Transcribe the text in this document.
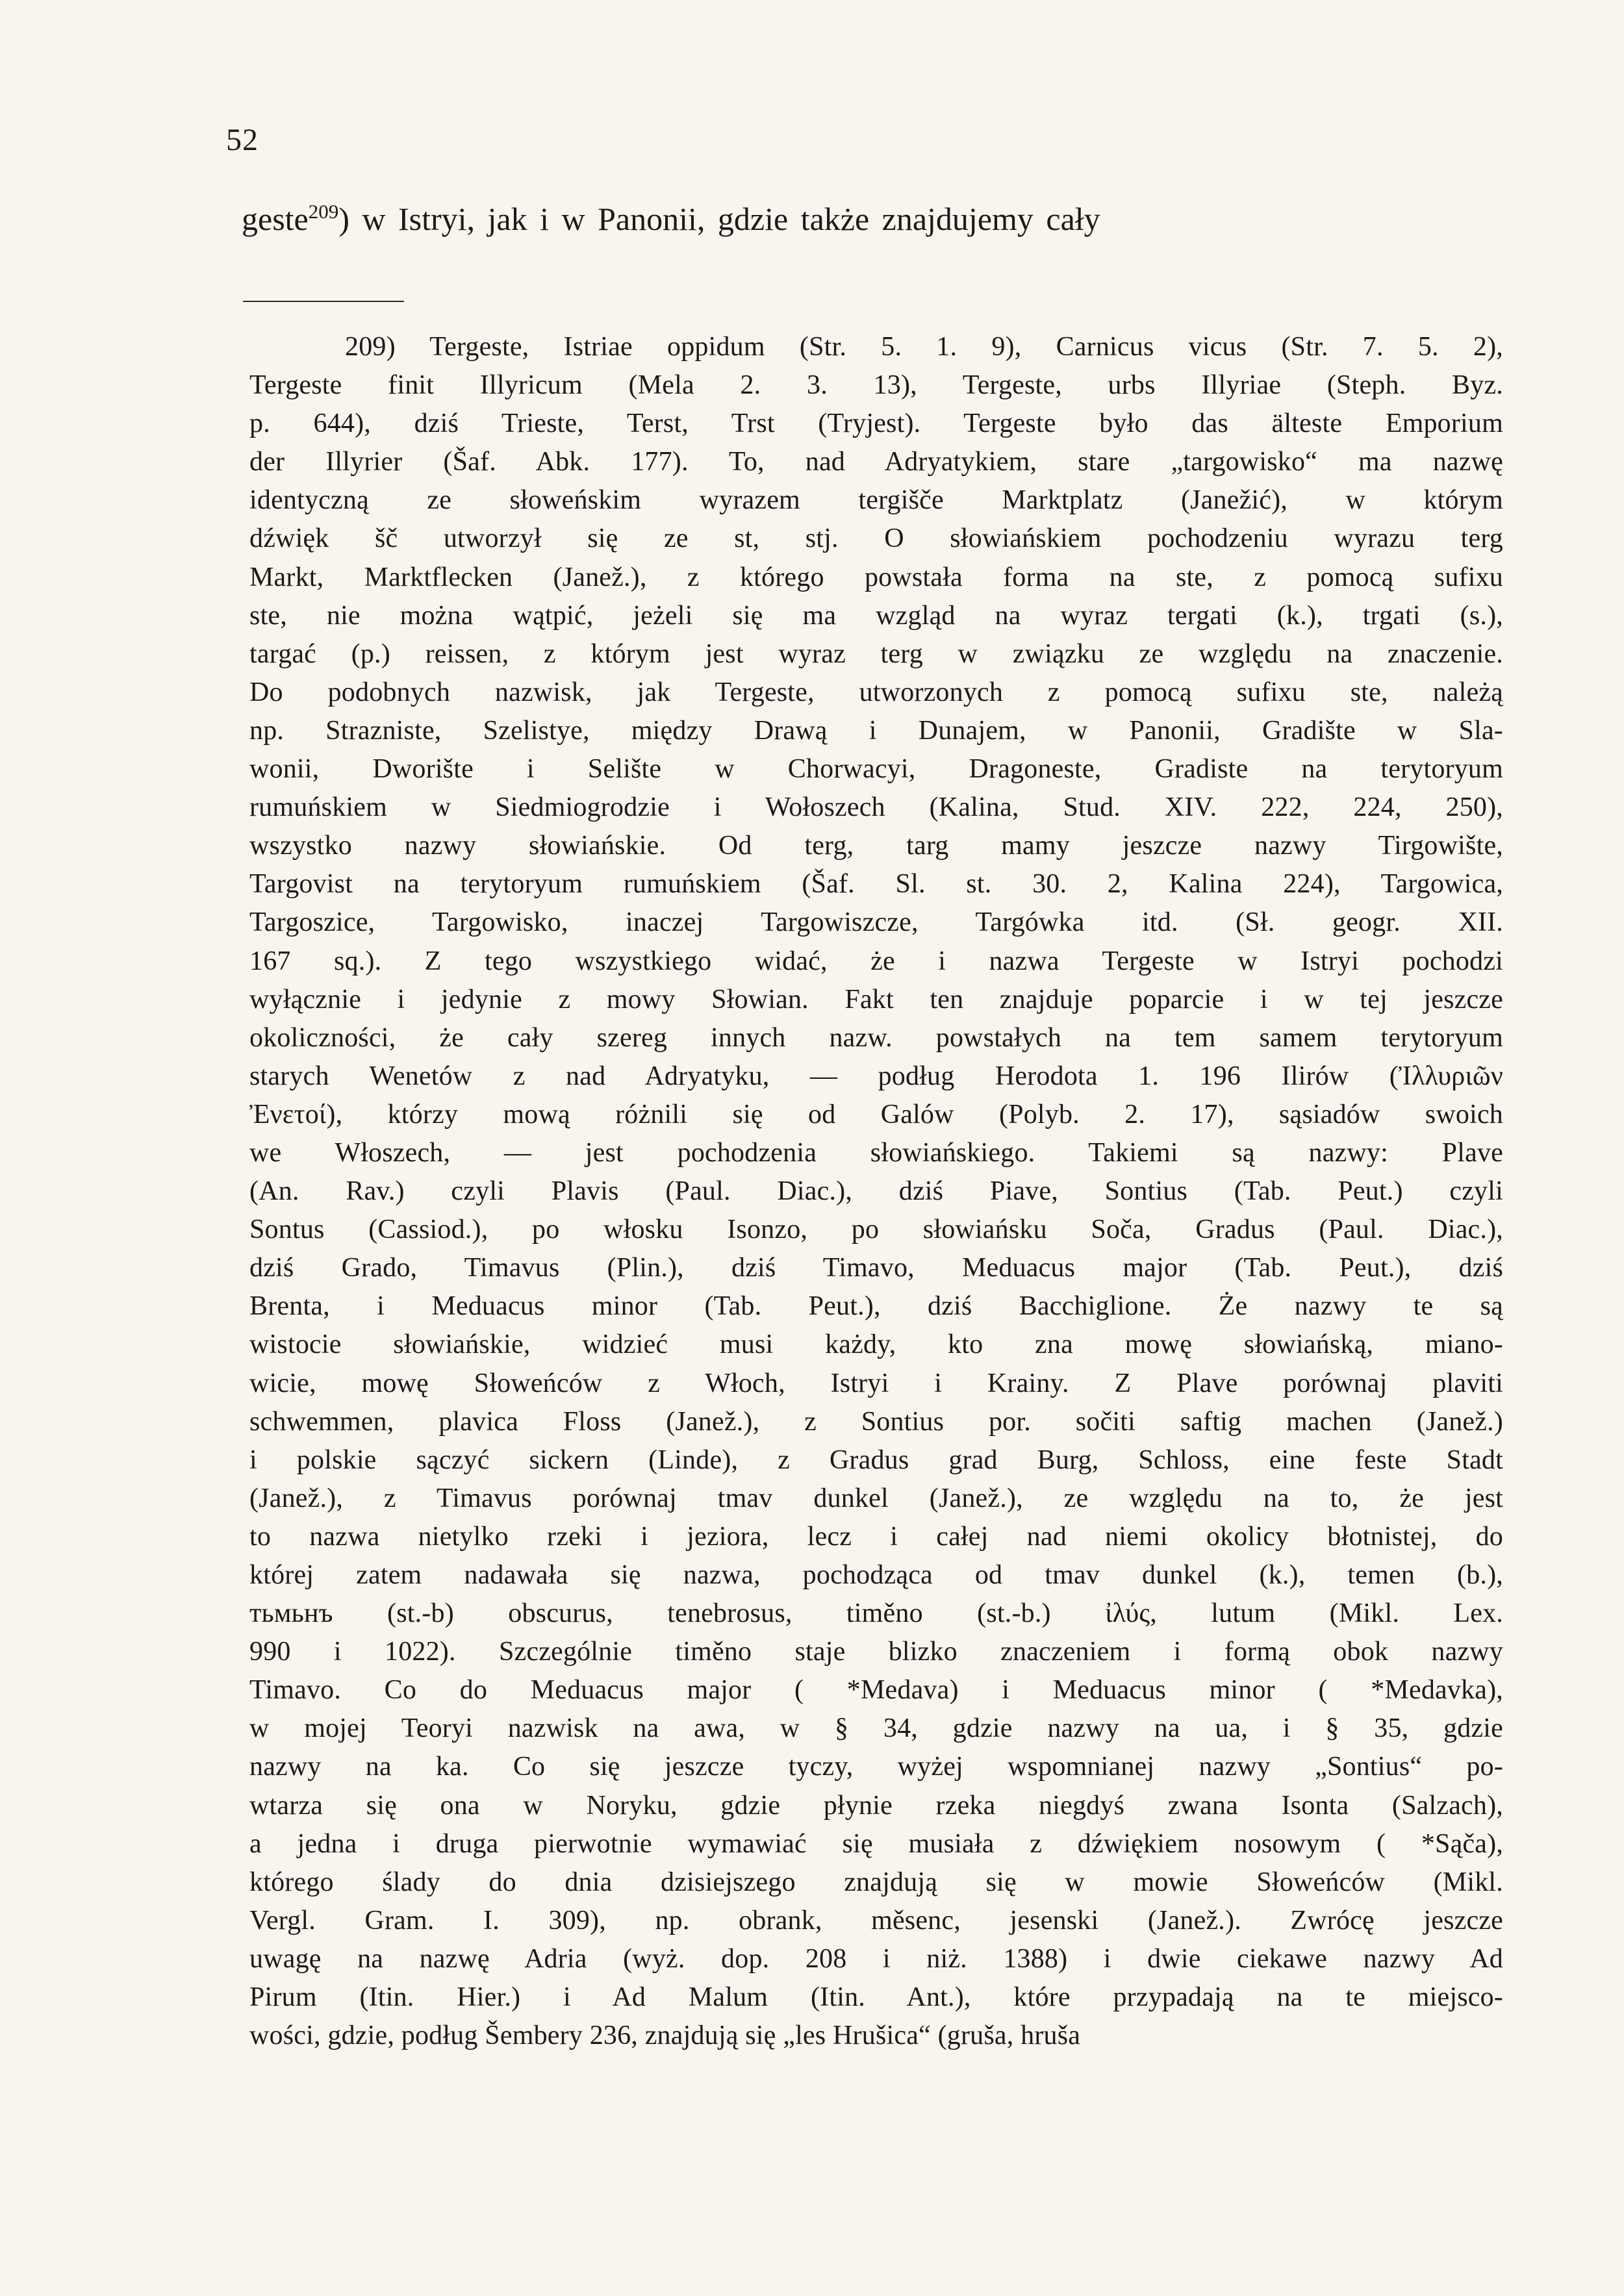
52
geste$^{209}$) w Istryi, jak i w Panonii, gdzie także znajdujemy cały
209) Tergeste, Istriae oppidum (Str. 5. 1. 9), Carnicus vicus (Str. 7. 5. 2),
Tergeste finit Illyricum (Mela 2. 3. 13), Tergeste, urbs Illyriae (Steph. Byz.
p. 644), dziś Trieste, Terst, Trst (Tryjest). Tergeste było das älteste Emporium
der Illyrier (Šaf. Abk. 177). To, nad Adryatykiem, stare „targowisko“ ma nazwę
identyczną ze słoweńskim wyrazem tergišče Marktplatz (Janežić), w którym
dźwięk šč utworzył się ze st, stj. O słowiańskiem pochodzeniu wyrazu terg
Markt, Marktflecken (Janež.), z którego powstała forma na ste, z pomocą sufixu
ste, nie można wątpić, jeżeli się ma wzgląd na wyraz tergati (k.), trgati (s.),
targać (p.) reissen, z którym jest wyraz terg w związku ze względu na znaczenie.
Do podobnych nazwisk, jak Tergeste, utworzonych z pomocą sufixu ste, należą
np. Strazniste, Szelistye, między Drawą i Dunajem, w Panonii, Gradište w Sla-
wonii, Dworište i Selište w Chorwacyi, Dragoneste, Gradiste na terytoryum
rumuńskiem w Siedmiogrodzie i Wołoszech (Kalina, Stud. XIV. 222, 224, 250),
wszystko nazwy słowiańskie. Od terg, targ mamy jeszcze nazwy Tirgowište,
Targovist na terytoryum rumuńskiem (Šaf. Sl. st. 30. 2, Kalina 224), Targowica,
Targoszice, Targowisko, inaczej Targowiszcze, Targówka itd. (Sł. geogr. XII.
167 sq.). Z tego wszystkiego widać, że i nazwa Tergeste w Istryi pochodzi
wyłącznie i jedynie z mowy Słowian. Fakt ten znajduje poparcie i w tej jeszcze
okoliczności, że cały szereg innych nazw. powstałych na tem samem terytoryum
starych Wenetów z nad Adryatyku, — podług Herodota 1. 196 Ilirów (Ἰλλυριῶν
Ἐνετοί), którzy mową różnili się od Galów (Polyb. 2. 17), sąsiadów swoich
we Włoszech, — jest pochodzenia słowiańskiego. Takiemi są nazwy: Plave
(An. Rav.) czyli Plavis (Paul. Diac.), dziś Piave, Sontius (Tab. Peut.) czyli
Sontus (Cassiod.), po włosku Isonzo, po słowiańsku Soča, Gradus (Paul. Diac.),
dziś Grado, Timavus (Plin.), dziś Timavo, Meduacus major (Tab. Peut.), dziś
Brenta, i Meduacus minor (Tab. Peut.), dziś Bacchiglione. Że nazwy te są
wistocie słowiańskie, widzieć musi każdy, kto zna mowę słowiańską, miano-
wicie, mowę Słoweńców z Włoch, Istryi i Krainy. Z Plave porównaj plaviti
schwemmen, plavica Floss (Janež.), z Sontius por. sočiti saftig machen (Janež.)
i polskie sączyć sickern (Linde), z Gradus grad Burg, Schloss, eine feste Stadt
(Janež.), z Timavus porównaj tmav dunkel (Janež.), ze względu na to, że jest
to nazwa nietylko rzeki i jeziora, lecz i całej nad niemi okolicy błotnistej, do
której zatem nadawała się nazwa, pochodząca od tmav dunkel (k.), temen (b.),
тьмьнъ (st.-b) obscurus, tenebrosus, timěno (st.-b.) ἰλύς, lutum (Mikl. Lex.
990 i 1022). Szczególnie timěno staje blizko znaczeniem i formą obok nazwy
Timavo. Co do Meduacus major ( *Medava) i Meduacus minor ( *Medavka),
w mojej Teoryi nazwisk na awa, w § 34, gdzie nazwy na ua, i § 35, gdzie
nazwy na ka. Co się jeszcze tyczy, wyżej wspomnianej nazwy „Sontius“ po-
wtarza się ona w Noryku, gdzie płynie rzeka niegdyś zwana Isonta (Salzach),
a jedna i druga pierwotnie wymawiać się musiała z dźwiękiem nosowym ( *Sąča),
którego ślady do dnia dzisiejszego znajdują się w mowie Słoweńców (Mikl.
Vergl. Gram. I. 309), np. obrank, měsenc, jesenski (Janež.). Zwrócę jeszcze
uwagę na nazwę Adria (wyż. dop. 208 i niż. 1388) i dwie ciekawe nazwy Ad
Pirum (Itin. Hier.) i Ad Malum (Itin. Ant.), które przypadają na te miejsco-
wości, gdzie, podług Šembery 236, znajdują się „les Hrušica“ (gruša, hruša
